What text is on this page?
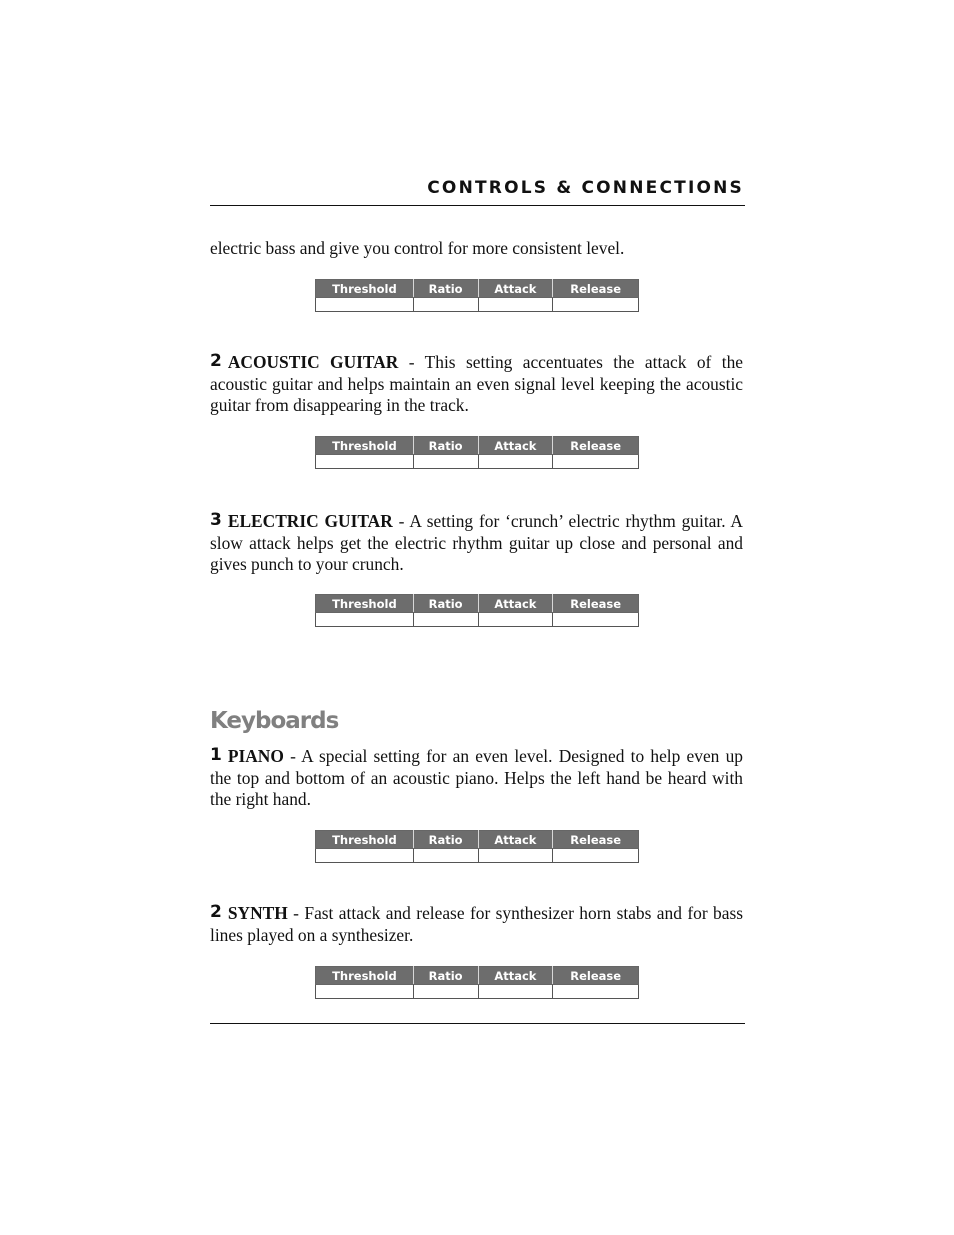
CONTROLS & CONNECTIONS
electric bass and give you control for more consistent level.
Threshold	Ratio	Attack	Release

2 ACOUSTIC GUITAR - This setting accentuates the attack of the acoustic guitar and helps maintain an even signal level keeping the acoustic guitar from disappearing in the track.
Threshold	Ratio	Attack	Release

3 ELECTRIC GUITAR - A setting for ‘crunch’ electric rhythm guitar. A slow attack helps get the electric rhythm guitar up close and personal and gives punch to your crunch.
Threshold	Ratio	Attack	Release

Keyboards
1 PIANO - A special setting for an even level. Designed to help even up the top and bottom of an acoustic piano. Helps the left hand be heard with the right hand.
Threshold	Ratio	Attack	Release

2 SYNTH - Fast attack and release for synthesizer horn stabs and for bass lines played on a synthesizer.
Threshold	Ratio	Attack	Release
